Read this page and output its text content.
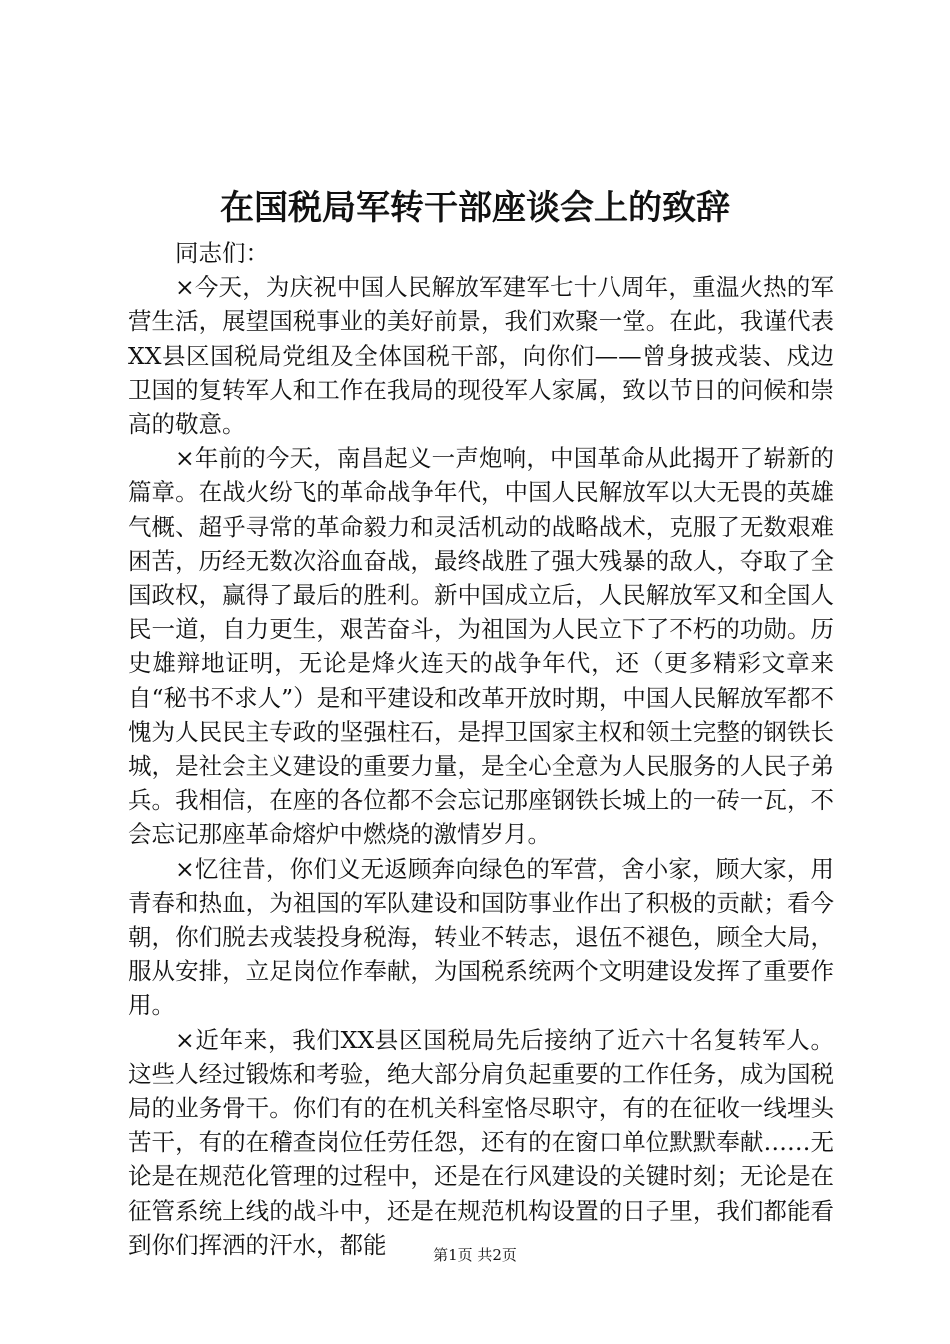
在国税局军转干部座谈会上的致辞

同志们：

×今天，为庆祝中国人民解放军建军七十八周年，重温火热的军营生活，展望国税事业的美好前景，我们欢聚一堂。在此，我谨代表XX县区国税局党组及全体国税干部，向你们——曾身披戎装、戍边卫国的复转军人和工作在我局的现役军人家属，致以节日的问候和崇高的敬意。

×年前的今天，南昌起义一声炮响，中国革命从此揭开了崭新的篇章。在战火纷飞的革命战争年代，中国人民解放军以大无畏的英雄气概、超乎寻常的革命毅力和灵活机动的战略战术，克服了无数艰难困苦，历经无数次浴血奋战，最终战胜了强大残暴的敌人，夺取了全国政权，赢得了最后的胜利。新中国成立后，人民解放军又和全国人民一道，自力更生，艰苦奋斗，为祖国为人民立下了不朽的功勋。历史雄辩地证明，无论是烽火连天的战争年代，还（更多精彩文章来自“秘书不求人”）是和平建设和改革开放时期，中国人民解放军都不愧为人民民主专政的坚强柱石，是捍卫国家主权和领土完整的钢铁长城，是社会主义建设的重要力量，是全心全意为人民服务的人民子弟兵。我相信，在座的各位都不会忘记那座钢铁长城上的一砖一瓦，不会忘记那座革命熔炉中燃烧的激情岁月。

×忆往昔，你们义无返顾奔向绿色的军营，舍小家，顾大家，用青春和热血，为祖国的军队建设和国防事业作出了积极的贡献；看今朝，你们脱去戎装投身税海，转业不转志，退伍不褪色，顾全大局，服从安排，立足岗位作奉献，为国税系统两个文明建设发挥了重要作用。

×近年来，我们XX县区国税局先后接纳了近六十名复转军人。这些人经过锻炼和考验，绝大部分肩负起重要的工作任务，成为国税局的业务骨干。你们有的在机关科室恪尽职守，有的在征收一线埋头苦干，有的在稽查岗位任劳任怨，还有的在窗口单位默默奉献……无论是在规范化管理的过程中，还是在行风建设的关键时刻；无论是在征管系统上线的战斗中，还是在规范机构设置的日子里，我们都能看到你们挥洒的汗水，都能	第1页 共2页
